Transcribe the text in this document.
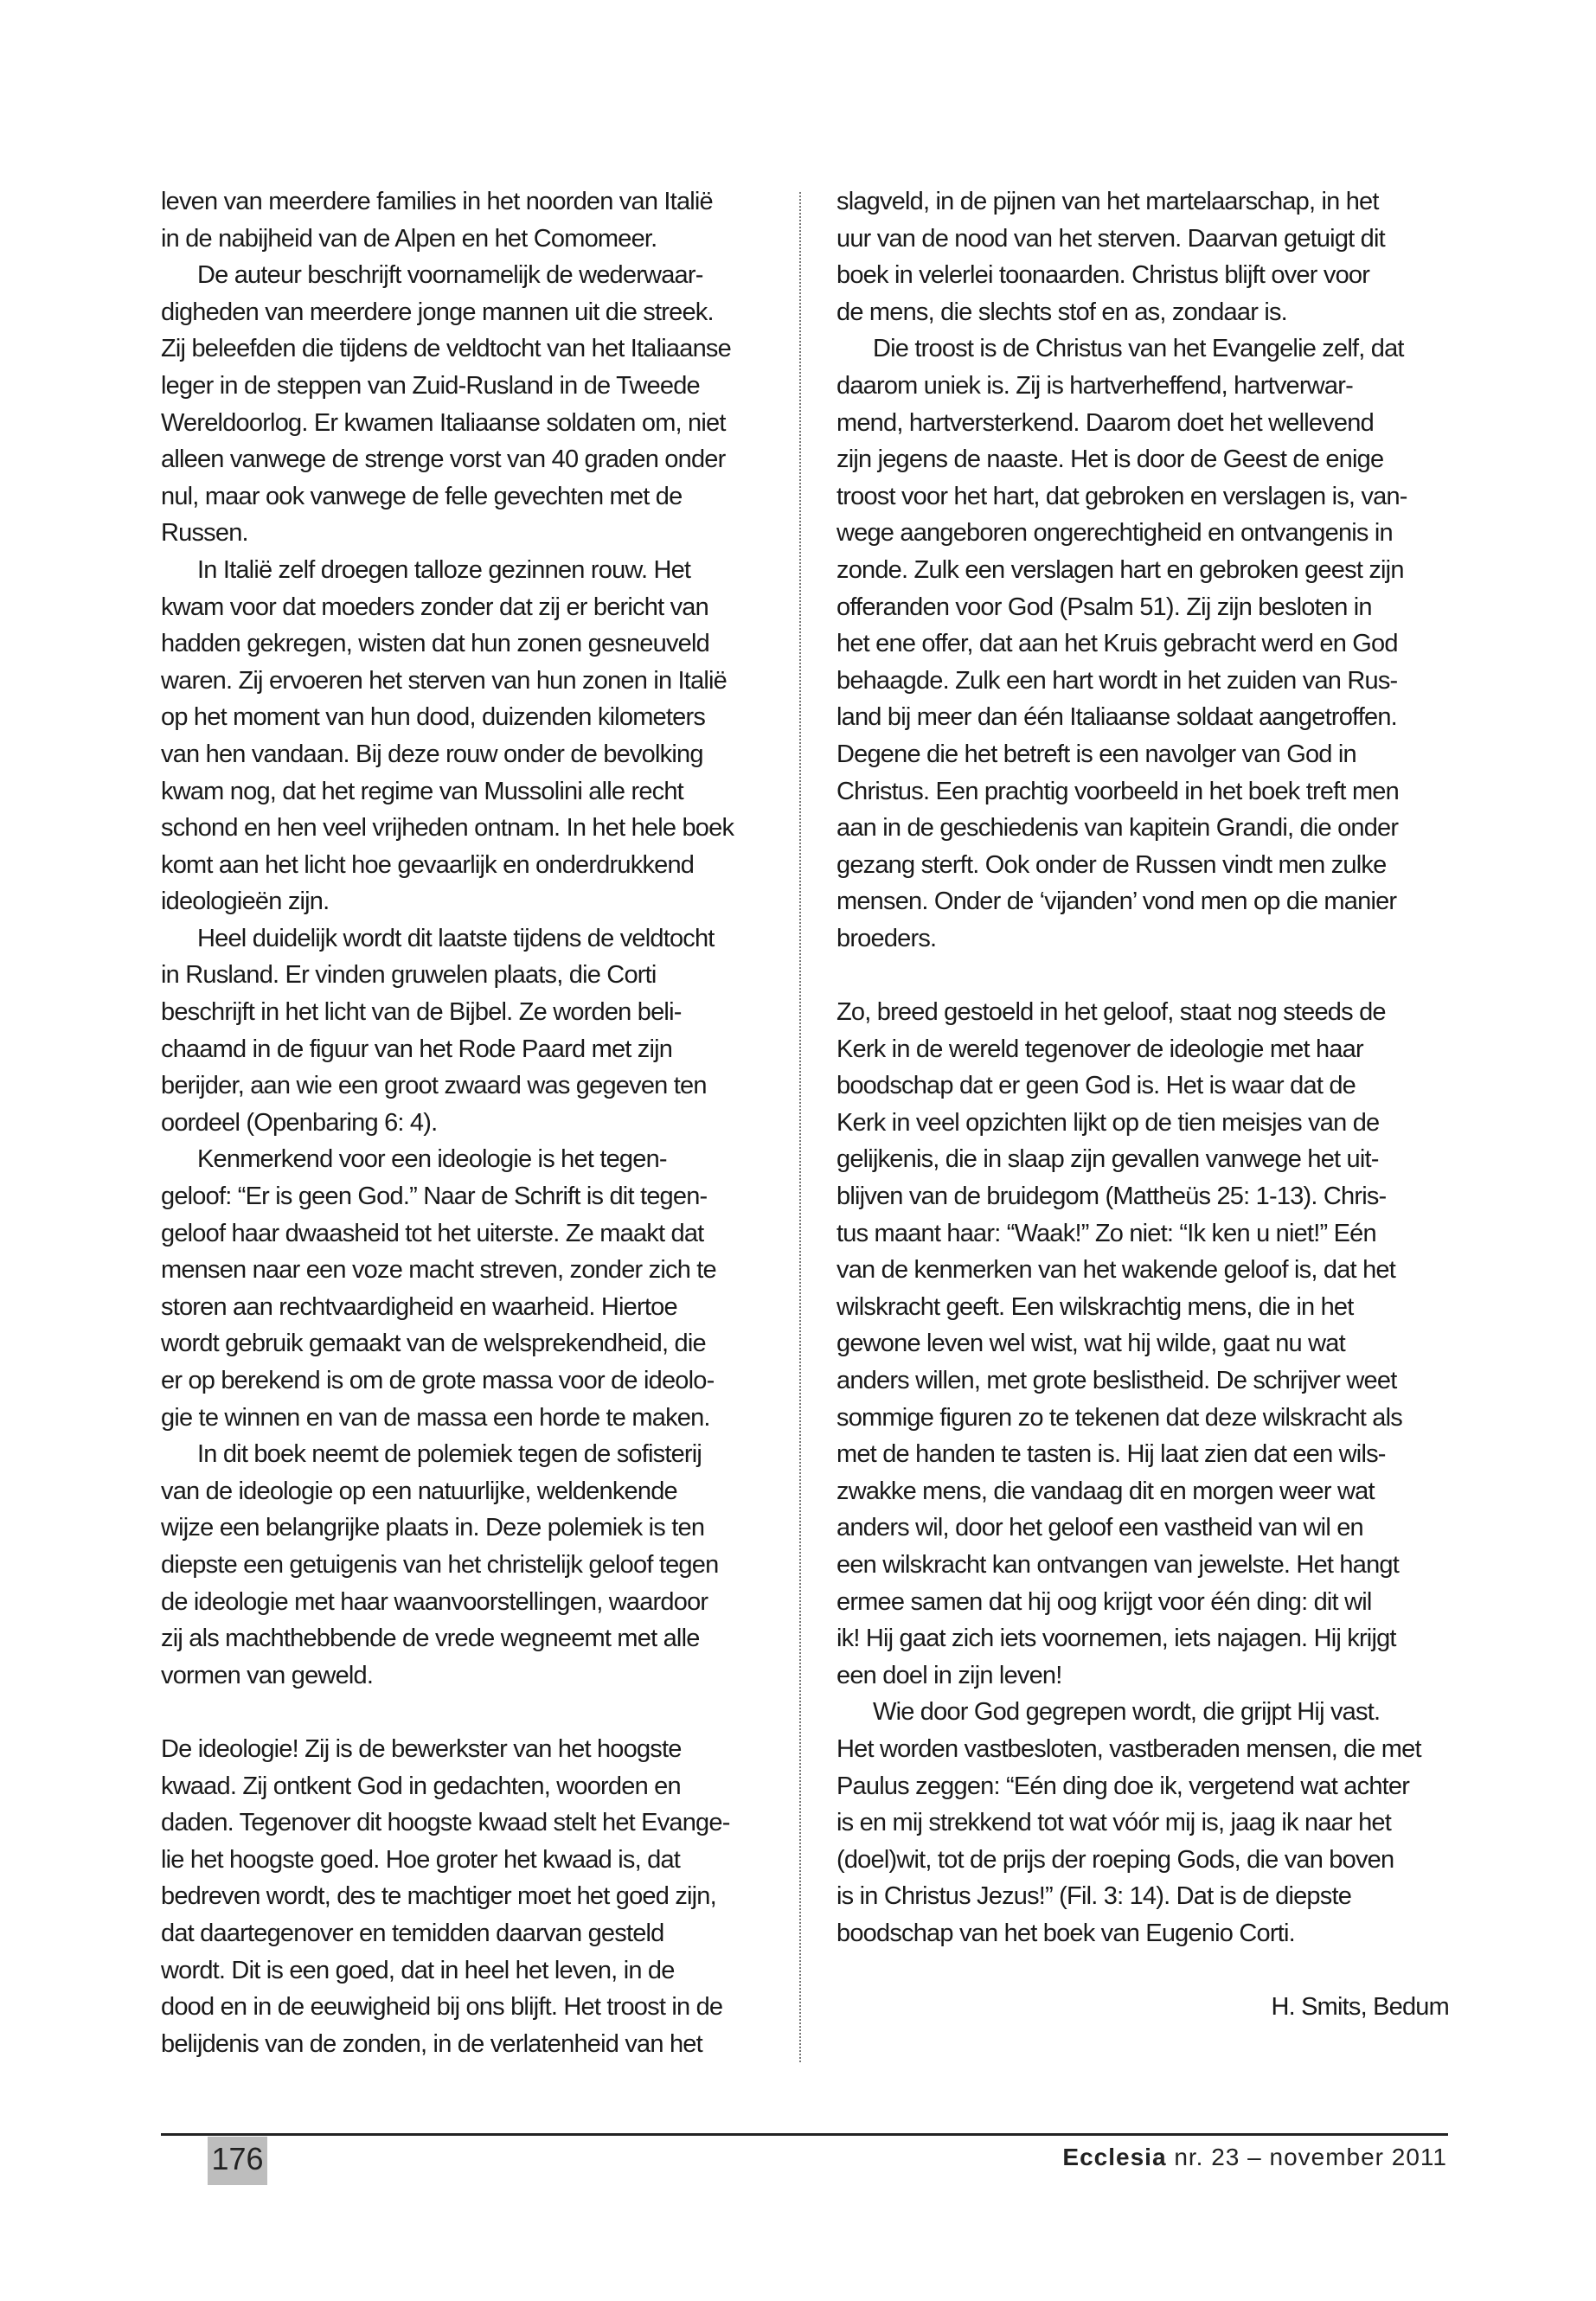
leven van meerdere families in het noorden van Italië
in de nabijheid van de Alpen en het Comomeer.
De auteur beschrijft voornamelijk de wederwaar-
digheden van meerdere jonge mannen uit die streek.
Zij beleefden die tijdens de veldtocht van het Italiaanse
leger in de steppen van Zuid-Rusland in de Tweede
Wereldoorlog. Er kwamen Italiaanse soldaten om, niet
alleen vanwege de strenge vorst van 40 graden onder
nul, maar ook vanwege de felle gevechten met de
Russen.
In Italië zelf droegen talloze gezinnen rouw. Het
kwam voor dat moeders zonder dat zij er bericht van
hadden gekregen, wisten dat hun zonen gesneuveld
waren. Zij ervoeren het sterven van hun zonen in Italië
op het moment van hun dood, duizenden kilometers
van hen vandaan. Bij deze rouw onder de bevolking
kwam nog, dat het regime van Mussolini alle recht
schond en hen veel vrijheden ontnam. In het hele boek
komt aan het licht hoe gevaarlijk en onderdrukkend
ideologieën zijn.
Heel duidelijk wordt dit laatste tijdens de veldtocht
in Rusland. Er vinden gruwelen plaats, die Corti
beschrijft in het licht van de Bijbel. Ze worden beli-
chaamd in de figuur van het Rode Paard met zijn
berijder, aan wie een groot zwaard was gegeven ten
oordeel (Openbaring 6: 4).
Kenmerkend voor een ideologie is het tegen-
geloof: “Er is geen God.” Naar de Schrift is dit tegen-
geloof haar dwaasheid tot het uiterste. Ze maakt dat
mensen naar een voze macht streven, zonder zich te
storen aan rechtvaardigheid en waarheid. Hiertoe
wordt gebruik gemaakt van de welsprekendheid, die
er op berekend is om de grote massa voor de ideolo-
gie te winnen en van de massa een horde te maken.
In dit boek neemt de polemiek tegen de sofisterij
van de ideologie op een natuurlijke, weldenkende
wijze een belangrijke plaats in. Deze polemiek is ten
diepste een getuigenis van het christelijk geloof tegen
de ideologie met haar waanvoorstellingen, waardoor
zij als machthebbende de vrede wegneemt met alle
vormen van geweld.
De ideologie! Zij is de bewerkster van het hoogste
kwaad. Zij ontkent God in gedachten, woorden en
daden. Tegenover dit hoogste kwaad stelt het Evange-
lie het hoogste goed. Hoe groter het kwaad is, dat
bedreven wordt, des te machtiger moet het goed zijn,
dat daartegenover en temidden daarvan gesteld
wordt. Dit is een goed, dat in heel het leven, in de
dood en in de eeuwigheid bij ons blijft. Het troost in de
belijdenis van de zonden, in de verlatenheid van het
slagveld, in de pijnen van het martelaarschap, in het
uur van de nood van het sterven. Daarvan getuigt dit
boek in velerlei toonaarden. Christus blijft over voor
de mens, die slechts stof en as, zondaar is.
Die troost is de Christus van het Evangelie zelf, dat
daarom uniek is. Zij is hartverheffend, hartverwar-
mend, hartversterkend. Daarom doet het wellevend
zijn jegens de naaste. Het is door de Geest de enige
troost voor het hart, dat gebroken en verslagen is, van-
wege aangeboren ongerechtigheid en ontvangenis in
zonde. Zulk een verslagen hart en gebroken geest zijn
offeranden voor God (Psalm 51). Zij zijn besloten in
het ene offer, dat aan het Kruis gebracht werd en God
behaagde. Zulk een hart wordt in het zuiden van Rus-
land bij meer dan één Italiaanse soldaat aangetroffen.
Degene die het betreft is een navolger van God in
Christus. Een prachtig voorbeeld in het boek treft men
aan in de geschiedenis van kapitein Grandi, die onder
gezang sterft. Ook onder de Russen vindt men zulke
mensen. Onder de ‘vijanden’ vond men op die manier
broeders.
Zo, breed gestoeld in het geloof, staat nog steeds de
Kerk in de wereld tegenover de ideologie met haar
boodschap dat er geen God is. Het is waar dat de
Kerk in veel opzichten lijkt op de tien meisjes van de
gelijkenis, die in slaap zijn gevallen vanwege het uit-
blijven van de bruidegom (Mattheüs 25: 1-13). Chris-
tus maant haar: “Waak!” Zo niet: “Ik ken u niet!” Eén
van de kenmerken van het wakende geloof is, dat het
wilskracht geeft. Een wilskrachtig mens, die in het
gewone leven wel wist, wat hij wilde, gaat nu wat
anders willen, met grote beslistheid. De schrijver weet
sommige figuren zo te tekenen dat deze wilskracht als
met de handen te tasten is. Hij laat zien dat een wils-
zwakke mens, die vandaag dit en morgen weer wat
anders wil, door het geloof een vastheid van wil en
een wilskracht kan ontvangen van jewelste. Het hangt
ermee samen dat hij oog krijgt voor één ding: dit wil
ik! Hij gaat zich iets voornemen, iets najagen. Hij krijgt
een doel in zijn leven!
Wie door God gegrepen wordt, die grijpt Hij vast.
Het worden vastbesloten, vastberaden mensen, die met
Paulus zeggen: “Eén ding doe ik, vergetend wat achter
is en mij strekkend tot wat vóór mij is, jaag ik naar het
(doel)wit, tot de prijs der roeping Gods, die van boven
is in Christus Jezus!” (Fil. 3: 14). Dat is de diepste
boodschap van het boek van Eugenio Corti.
H. Smits, Bedum
176	Ecclesia nr. 23 – november 2011
